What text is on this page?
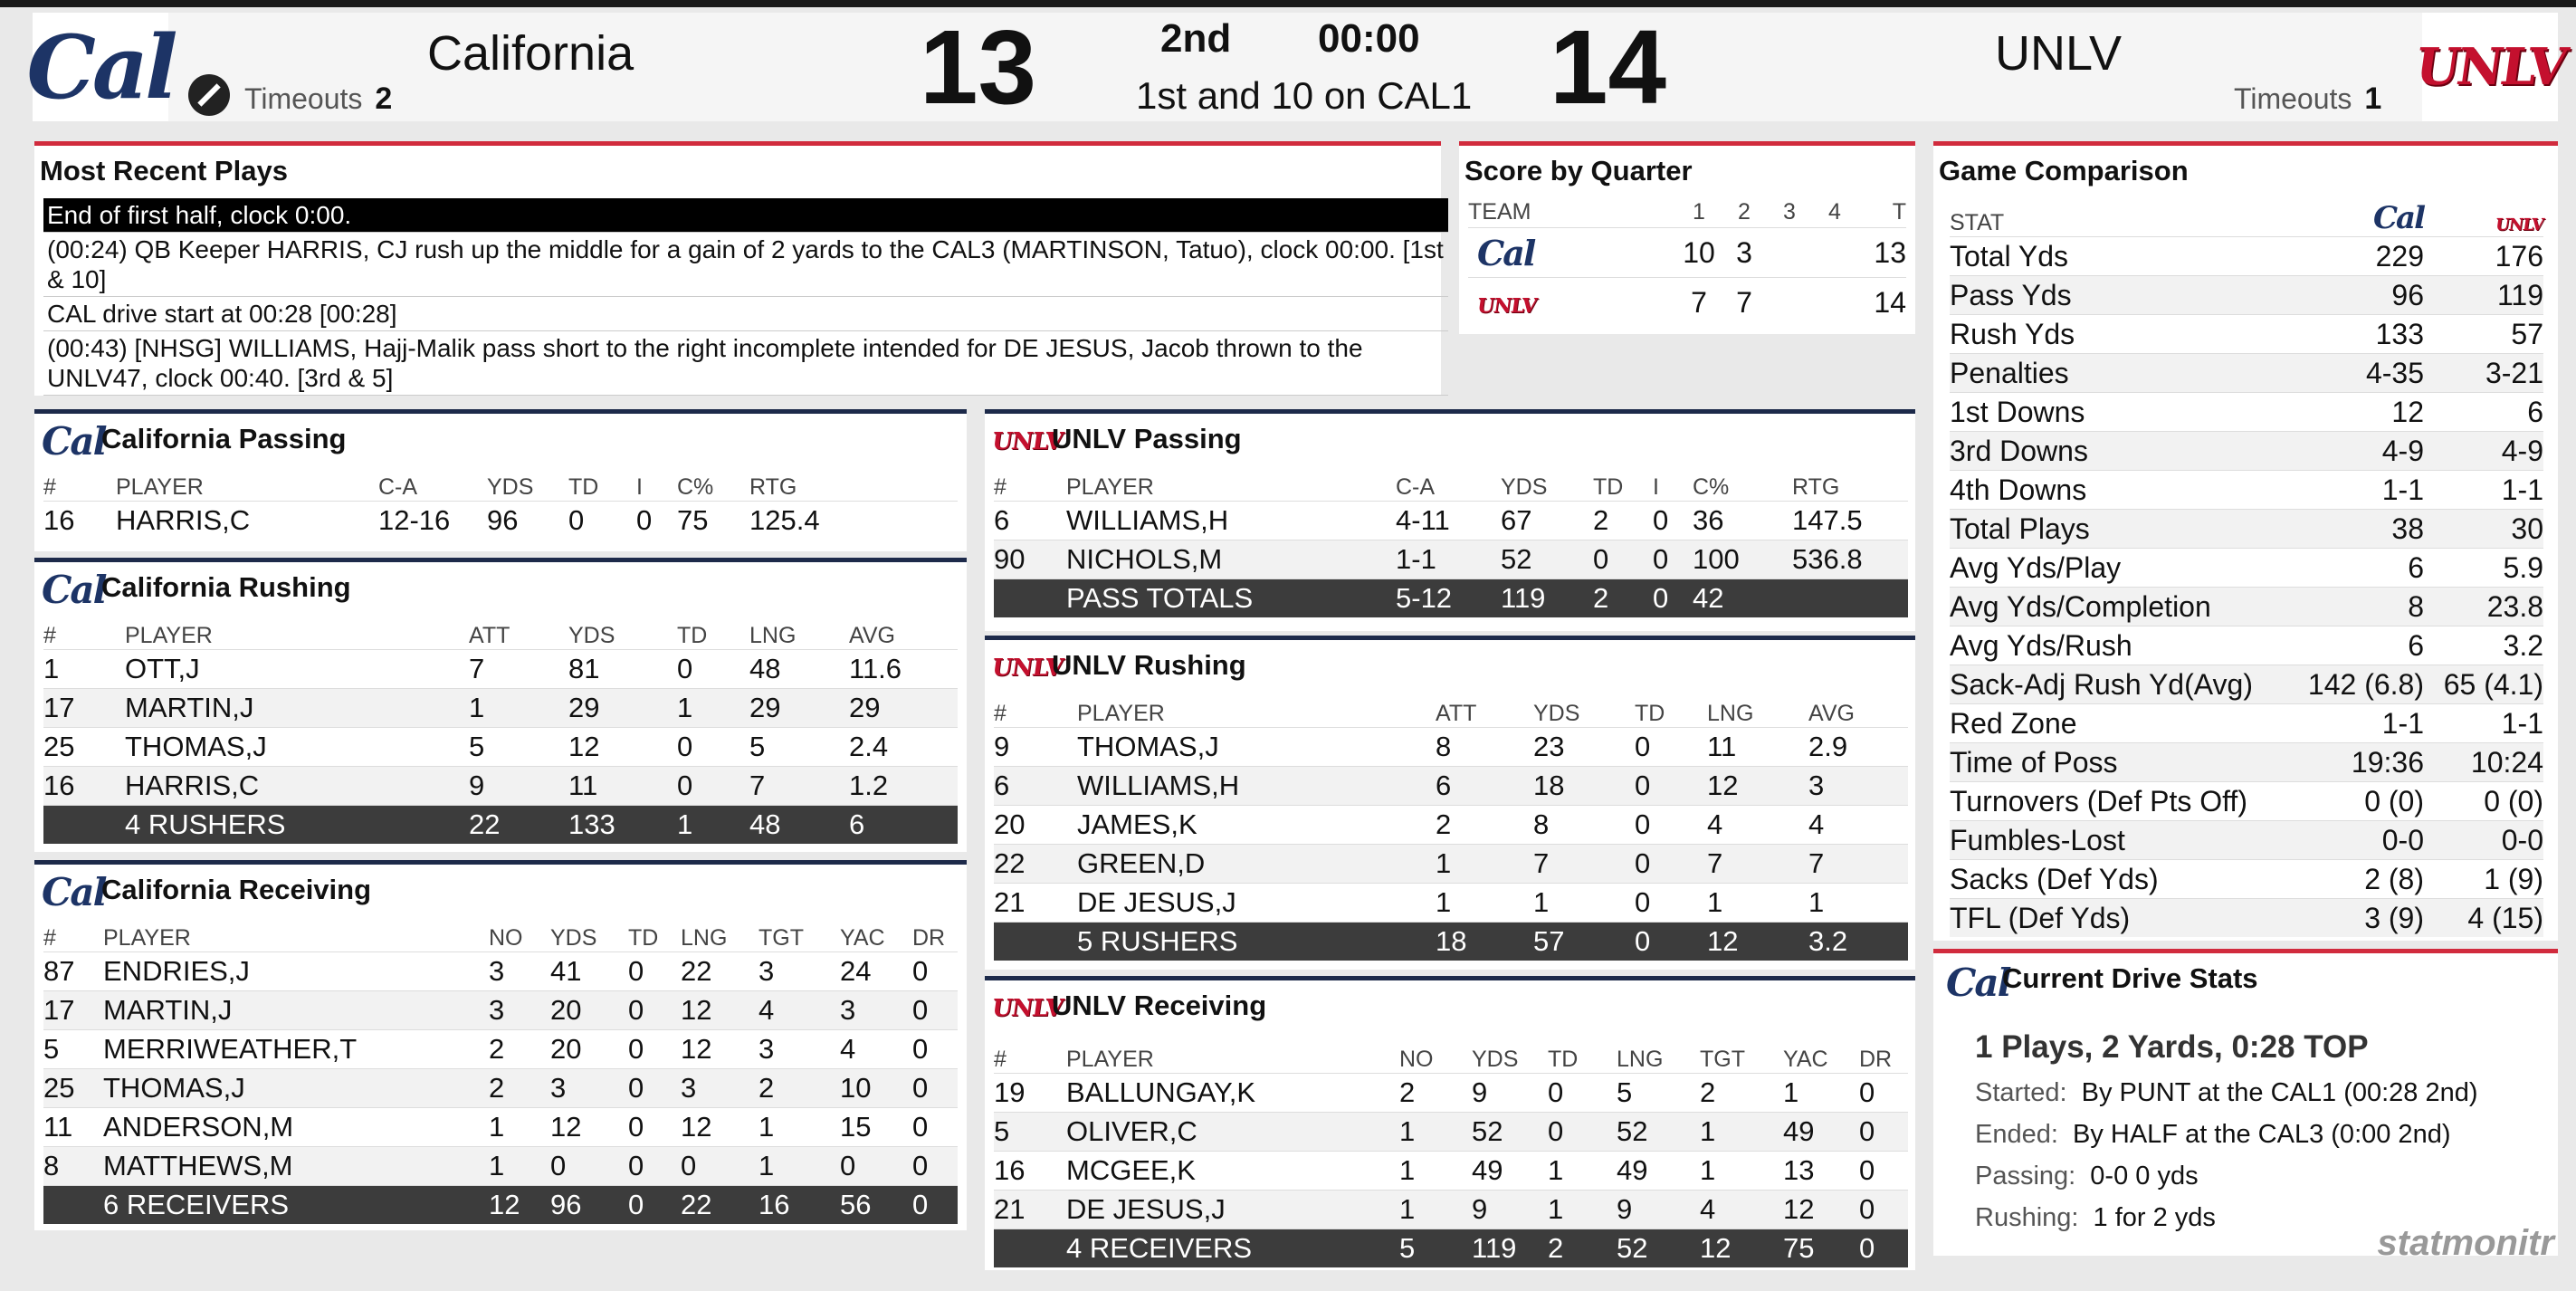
Cal Timeouts 2
California	13	2nd 00:00
1st and 10 on CAL1 14	UNLV
Timeouts 1
UNLV
Most Recent Plays
End of first half, clock 0:00.
(00:24) QB Keeper HARRIS, CJ rush up the middle for a gain of 2 yards to the CAL3 (MARTINSON, Tatuo), clock 00:00. [1st & 10]
CAL drive start at 00:28 [00:28]
(00:43) [NHSG] WILLIAMS, Hajj-Malik pass short to the right incomplete intended for DE JESUS, Jacob thrown to the UNLV47, clock 00:40. [3rd & 5]
Score by Quarter
TEAM	1	2	3	4	T
Cal	10	3			13
UNLV	7	7			14
Game Comparison
STAT	Cal	UNLV
Total Yds	229	176
Pass Yds	96	119
Rush Yds	133	57
Penalties	4-35	3-21
1st Downs	12	6
3rd Downs	4-9	4-9
4th Downs	1-1	1-1
Total Plays	38	30
Avg Yds/Play	6	5.9
Avg Yds/Completion	8	23.8
Avg Yds/Rush	6	3.2
Sack-Adj Rush Yd(Avg)	142 (6.8)	65 (4.1)
Red Zone	1-1	1-1
Time of Poss	19:36	10:24
Turnovers (Def Pts Off)	0 (0)	0 (0)
Fumbles-Lost	0-0	0-0
Sacks (Def Yds)	2 (8)	1 (9)
TFL (Def Yds)	3 (9)	4 (15)
Cal
Current Drive Stats
1 Plays, 2 Yards, 0:28 TOP
Started: By PUNT at the CAL1 (00:28 2nd)
Ended: By HALF at the CAL3 (0:00 2nd)
Passing: 0-0 0 yds
Rushing: 1 for 2 yds
Cal
California Passing
#	PLAYER	C-A	YDS	TD	I	C%	RTG
16	HARRIS,C	12-16	96	0	0	75	125.4
Cal
California Rushing
#	PLAYER	ATT	YDS	TD	LNG	AVG
1	OTT,J	7	81	0	48	11.6
17	MARTIN,J	1	29	1	29	29
25	THOMAS,J	5	12	0	5	2.4
16	HARRIS,C	9	11	0	7	1.2
	4 RUSHERS	22	133	1	48	6
Cal
California Receiving
#	PLAYER	NO	YDS	TD	LNG	TGT	YAC	DR
87	ENDRIES,J	3	41	0	22	3	24	0
17	MARTIN,J	3	20	0	12	4	3	0
5	MERRIWEATHER,T	2	20	0	12	3	4	0
25	THOMAS,J	2	3	0	3	2	10	0
11	ANDERSON,M	1	12	0	12	1	15	0
8	MATTHEWS,M	1	0	0	0	1	0	0
	6 RECEIVERS	12	96	0	22	16	56	0
UNLV
UNLV Passing
#	PLAYER	C-A	YDS	TD	I	C%	RTG
6	WILLIAMS,H	4-11	67	2	0	36	147.5
90	NICHOLS,M	1-1	52	0	0	100	536.8
	PASS TOTALS	5-12	119	2	0	42	
UNLV
UNLV Rushing
#	PLAYER	ATT	YDS	TD	LNG	AVG
9	THOMAS,J	8	23	0	11	2.9
6	WILLIAMS,H	6	18	0	12	3
20	JAMES,K	2	8	0	4	4
22	GREEN,D	1	7	0	7	7
21	DE JESUS,J	1	1	0	1	1
	5 RUSHERS	18	57	0	12	3.2
UNLV
UNLV Receiving
#	PLAYER	NO	YDS	TD	LNG	TGT	YAC	DR
19	BALLUNGAY,K	2	9	0	5	2	1	0
5	OLIVER,C	1	52	0	52	1	49	0
16	MCGEE,K	1	49	1	49	1	13	0
21	DE JESUS,J	1	9	1	9	4	12	0
	4 RECEIVERS	5	119	2	52	12	75	0	statmonitr
